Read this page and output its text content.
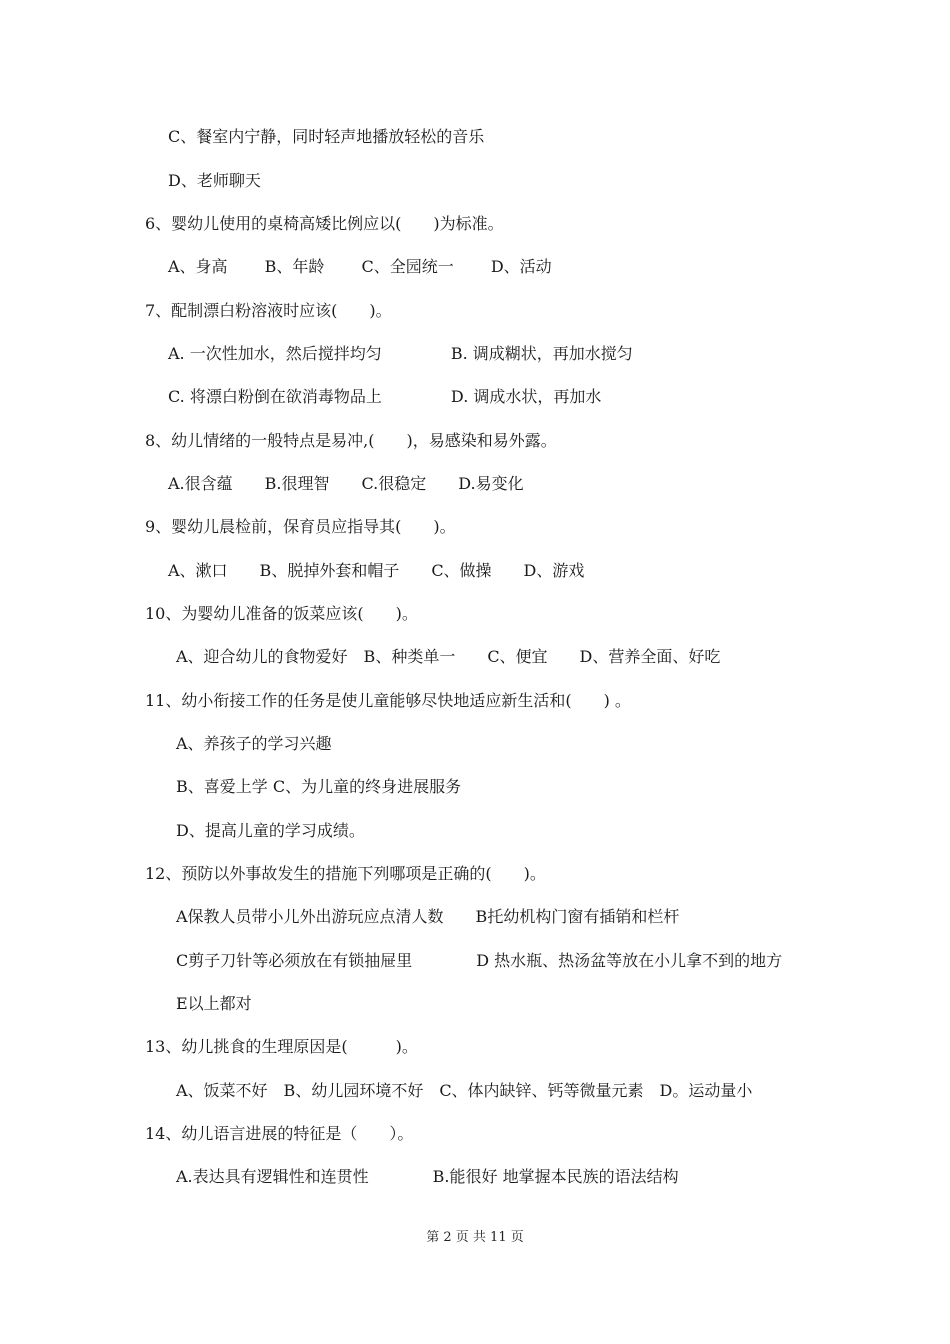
C、餐室内宁静，同时轻声地播放轻松的音乐
D、老师聊天
6、婴幼儿使用的桌椅高矮比例应以(　　)为标准。
A、身高　　 B、年龄　　 C、全园统一　　 D、活动
7、配制漂白粉溶液时应该(　　)。
A. 一次性加水，然后搅拌均匀　　　　 B. 调成糊状，再加水搅匀
C. 将漂白粉倒在欲消毒物品上　　　　 D. 调成水状，再加水
8、幼儿情绪的一般特点是易冲,(　　)，易感染和易外露。
A.很含蕴　　B.很理智　　C.很稳定　　D.易变化
9、婴幼儿晨检前，保育员应指导其(　　)。
A、漱口　　B、脱掉外套和帽子　　C、做操　　D、游戏
10、为婴幼儿准备的饭菜应该(　　)。
A、迎合幼儿的食物爱好　B、种类单一　　C、便宜　　D、营养全面、好吃
11、幼小衔接工作的任务是使儿童能够尽快地适应新生活和(　　) 。
A、养孩子的学习兴趣
B、喜爱上学 C、为儿童的终身进展服务
D、提高儿童的学习成绩。
12、预防以外事故发生的措施下列哪项是正确的(　　)。
A保教人员带小儿外出游玩应点清人数　　B托幼机构门窗有插销和栏杆
C剪子刀针等必须放在有锁抽屉里　　　　D 热水瓶、热汤盆等放在小儿拿不到的地方
E以上都对
13、幼儿挑食的生理原因是(　　　)。
A、饭菜不好　B、幼儿园环境不好　C、体内缺锌、钙等微量元素　D。运动量小
14、幼儿语言进展的特征是（　　）。
A.表达具有逻辑性和连贯性　　　　B.能很好 地掌握本民族的语法结构
第 2 页 共 11 页
